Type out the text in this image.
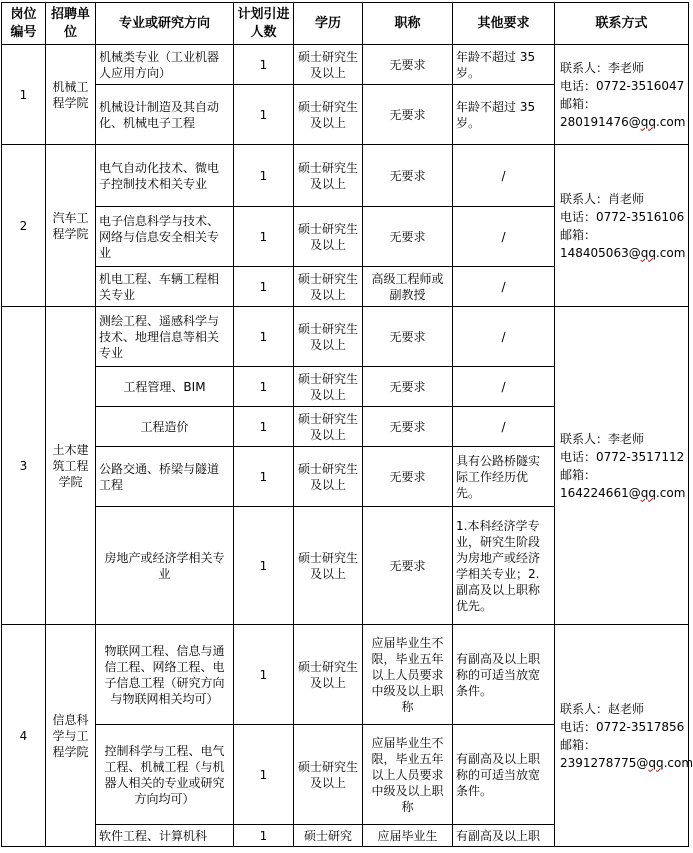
岗位编号	招聘单位	专业或研究方向	计划引进人数	学历	职称	其他要求	联系方式
1	机械工程学院	机械类专业（工业机器人应用方向）	1	硕士研究生及以上	无要求	年龄不超过 35 岁。	联系人：李老师
电话：0772-3516047
邮箱：280191476@qq.com

		机械设计制造及其自动化、机械电子工程	1	硕士研究生及以上	无要求	年龄不超过 35 岁。	
2	汽车工程学院	电气自动化技术、微电子控制技术相关专业	1	硕士研究生及以上	无要求	/	联系人：肖老师
电话：0772-3516106
邮箱：148405063@qq.com

		电子信息科学与技术、网络与信息安全相关专业	1	硕士研究生及以上	无要求	/	
		机电工程、车辆工程相关专业	1	硕士研究生及以上	高级工程师或副教授	/	
3	土木建筑工程学院	测绘工程、遥感科学与技术、地理信息等相关专业	1	硕士研究生及以上	无要求	/	联系人：李老师
电话：0772-3517112
邮箱：164224661@qq.com

		工程管理、BIM	1	硕士研究生及以上	无要求	/	
		工程造价	1	硕士研究生及以上	无要求	/	
		公路交通、桥梁与隧道工程	1	硕士研究生及以上	无要求	具有公路桥隧实际工作经历优先。	
		房地产或经济学相关专业	1	硕士研究生及以上	无要求	1.本科经济学专业，研究生阶段为房地产或经济学相关专业；2.副高及以上职称优先。	
4	信息科学与工程学院	物联网工程、信息与通信工程、网络工程、电子信息工程（研究方向与物联网相关均可）	1	硕士研究生及以上	应届毕业生不限，毕业五年以上人员要求中级及以上职称	有副高及以上职称的可适当放宽条件。	联系人：赵老师
电话：0772-3517856
邮箱：2391278775@qq.com

		控制科学与工程、电气工程、机械工程（与机器人相关的专业或研究方向均可）	1	硕士研究生及以上	应届毕业生不限，毕业五年以上人员要求中级及以上职称	有副高及以上职称的可适当放宽条件。	
		软件工程、计算机科	1	硕士研究	应届毕业生	有副高及以上职	
